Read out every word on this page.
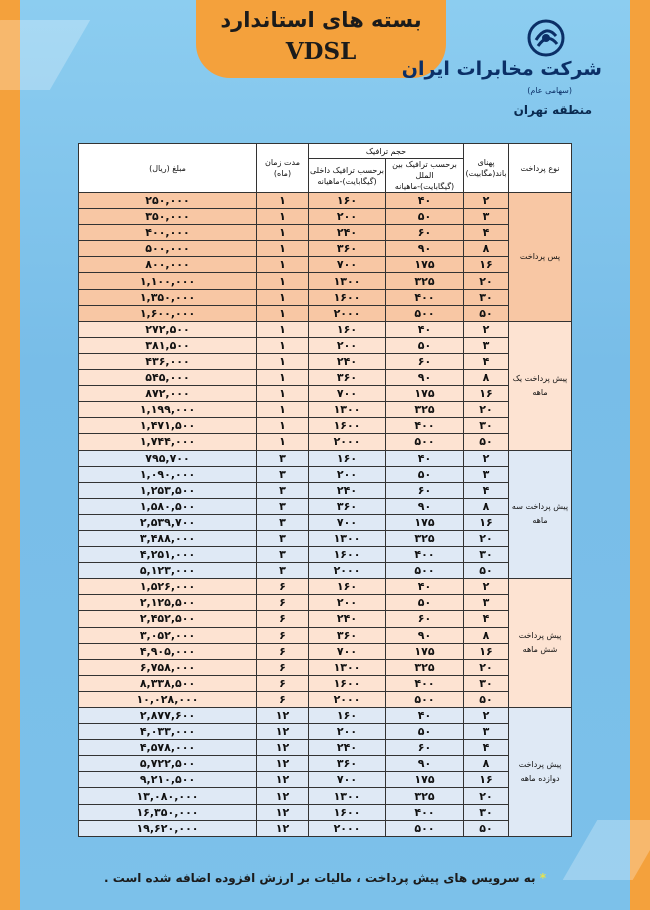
بسته های استاندارد
VDSL
شرکت مخابرات ایران
(سهامی عام)
منطقه تهران
نوع پرداخت	پهنای باند(مگابیت)	حجم ترافیک		مدت زمان
(ماه)	مبلغ (ریال)
		برحسب ترافیک بین الملل
(گیگابایت)-ماهیانه	برحسب ترافیک داخلی
(گیگابایت)-ماهیانه		
پس پرداخت	۲	۴۰	۱۶۰	۱	۲۵۰,۰۰۰
	۳	۵۰	۲۰۰	۱	۳۵۰,۰۰۰
	۴	۶۰	۲۴۰	۱	۴۰۰,۰۰۰
	۸	۹۰	۳۶۰	۱	۵۰۰,۰۰۰
	۱۶	۱۷۵	۷۰۰	۱	۸۰۰,۰۰۰
	۲۰	۳۲۵	۱۳۰۰	۱	۱,۱۰۰,۰۰۰
	۳۰	۴۰۰	۱۶۰۰	۱	۱,۳۵۰,۰۰۰
	۵۰	۵۰۰	۲۰۰۰	۱	۱,۶۰۰,۰۰۰
پیش پرداخت یک ماهه	۲	۴۰	۱۶۰	۱	۲۷۲,۵۰۰
	۳	۵۰	۲۰۰	۱	۳۸۱,۵۰۰
	۴	۶۰	۲۴۰	۱	۴۳۶,۰۰۰
	۸	۹۰	۳۶۰	۱	۵۴۵,۰۰۰
	۱۶	۱۷۵	۷۰۰	۱	۸۷۲,۰۰۰
	۲۰	۳۲۵	۱۳۰۰	۱	۱,۱۹۹,۰۰۰
	۳۰	۴۰۰	۱۶۰۰	۱	۱,۴۷۱,۵۰۰
	۵۰	۵۰۰	۲۰۰۰	۱	۱,۷۴۴,۰۰۰
پیش پرداخت سه ماهه	۲	۴۰	۱۶۰	۳	۷۹۵,۷۰۰
	۳	۵۰	۲۰۰	۳	۱,۰۹۰,۰۰۰
	۴	۶۰	۲۴۰	۳	۱,۲۵۳,۵۰۰
	۸	۹۰	۳۶۰	۳	۱,۵۸۰,۵۰۰
	۱۶	۱۷۵	۷۰۰	۳	۲,۵۳۹,۷۰۰
	۲۰	۳۲۵	۱۳۰۰	۳	۳,۴۸۸,۰۰۰
	۳۰	۴۰۰	۱۶۰۰	۳	۴,۲۵۱,۰۰۰
	۵۰	۵۰۰	۲۰۰۰	۳	۵,۱۲۳,۰۰۰
پیش پرداخت شش ماهه	۲	۴۰	۱۶۰	۶	۱,۵۲۶,۰۰۰
	۳	۵۰	۲۰۰	۶	۲,۱۲۵,۵۰۰
	۴	۶۰	۲۴۰	۶	۲,۴۵۲,۵۰۰
	۸	۹۰	۳۶۰	۶	۳,۰۵۲,۰۰۰
	۱۶	۱۷۵	۷۰۰	۶	۴,۹۰۵,۰۰۰
	۲۰	۳۲۵	۱۳۰۰	۶	۶,۷۵۸,۰۰۰
	۳۰	۴۰۰	۱۶۰۰	۶	۸,۳۳۸,۵۰۰
	۵۰	۵۰۰	۲۰۰۰	۶	۱۰,۰۲۸,۰۰۰
پیش پرداخت دوازده ماهه	۲	۴۰	۱۶۰	۱۲	۲,۸۷۷,۶۰۰
	۳	۵۰	۲۰۰	۱۲	۴,۰۳۳,۰۰۰
	۴	۶۰	۲۴۰	۱۲	۴,۵۷۸,۰۰۰
	۸	۹۰	۳۶۰	۱۲	۵,۷۲۲,۵۰۰
	۱۶	۱۷۵	۷۰۰	۱۲	۹,۲۱۰,۵۰۰
	۲۰	۳۲۵	۱۳۰۰	۱۲	۱۳,۰۸۰,۰۰۰
	۳۰	۴۰۰	۱۶۰۰	۱۲	۱۶,۳۵۰,۰۰۰
	۵۰	۵۰۰	۲۰۰۰	۱۲	۱۹,۶۲۰,۰۰۰
* به سرویس های پیش پرداخت ، مالیات بر ارزش افزوده اضافه شده است .
